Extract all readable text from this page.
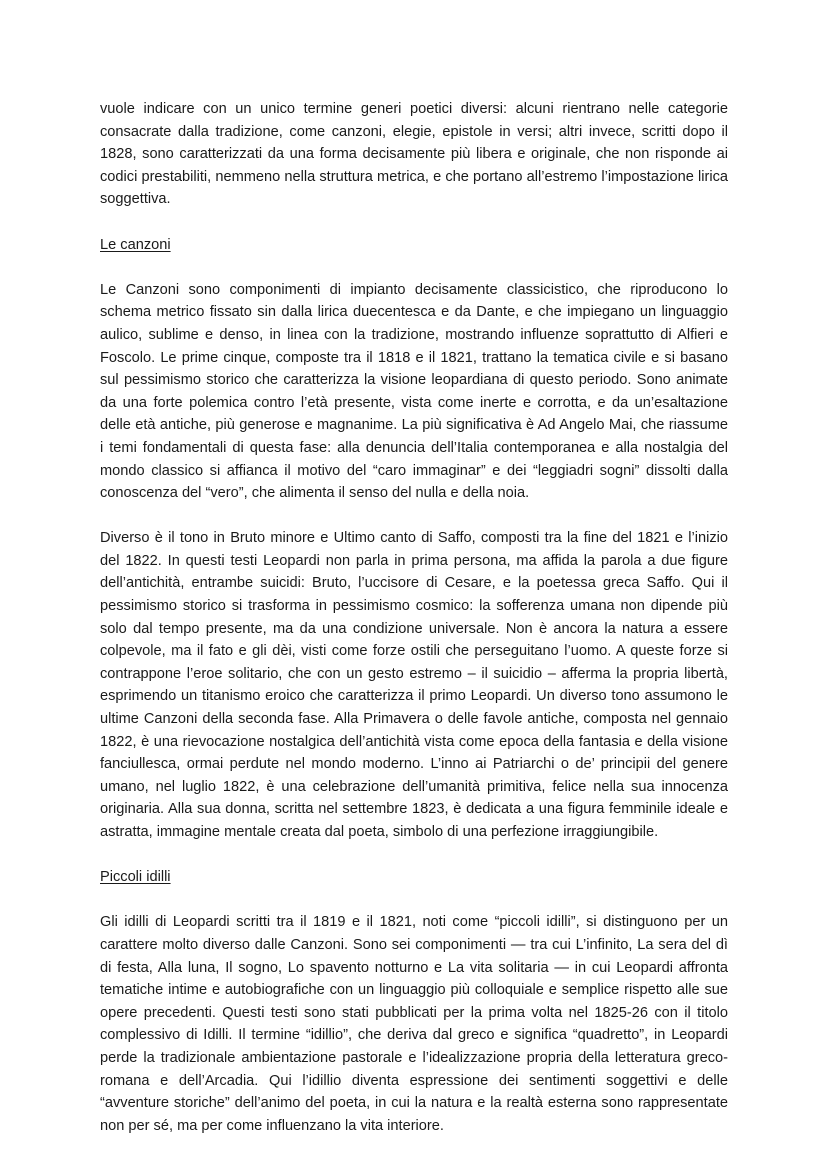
vuole indicare con un unico termine generi poetici diversi: alcuni rientrano nelle categorie consacrate dalla tradizione, come canzoni, elegie, epistole in versi; altri invece, scritti dopo il 1828, sono caratterizzati da una forma decisamente più libera e originale, che non risponde ai codici prestabiliti, nemmeno nella struttura metrica, e che portano all’estremo l’impostazione lirica soggettiva.

Le canzoni

Le Canzoni sono componimenti di impianto decisamente classicistico, che riproducono lo schema metrico fissato sin dalla lirica duecentesca e da Dante, e che impiegano un linguaggio aulico, sublime e denso, in linea con la tradizione, mostrando influenze soprattutto di Alfieri e Foscolo. Le prime cinque, composte tra il 1818 e il 1821, trattano la tematica civile e si basano sul pessimismo storico che caratterizza la visione leopardiana di questo periodo. Sono animate da una forte polemica contro l’età presente, vista come inerte e corrotta, e da un’esaltazione delle età antiche, più generose e magnanime. La più significativa è Ad Angelo Mai, che riassume i temi fondamentali di questa fase: alla denuncia dell’Italia contemporanea e alla nostalgia del mondo classico si affianca il motivo del “caro immaginar” e dei “leggiadri sogni” dissolti dalla conoscenza del “vero”, che alimenta il senso del nulla e della noia.

Diverso è il tono in Bruto minore e Ultimo canto di Saffo, composti tra la fine del 1821 e l’inizio del 1822. In questi testi Leopardi non parla in prima persona, ma affida la parola a due figure dell’antichità, entrambe suicidi: Bruto, l’uccisore di Cesare, e la poetessa greca Saffo. Qui il pessimismo storico si trasforma in pessimismo cosmico: la sofferenza umana non dipende più solo dal tempo presente, ma da una condizione universale. Non è ancora la natura a essere colpevole, ma il fato e gli dèi, visti come forze ostili che perseguitano l’uomo. A queste forze si contrappone l’eroe solitario, che con un gesto estremo – il suicidio – afferma la propria libertà, esprimendo un titanismo eroico che caratterizza il primo Leopardi. Un diverso tono assumono le ultime Canzoni della seconda fase. Alla Primavera o delle favole antiche, composta nel gennaio 1822, è una rievocazione nostalgica dell’antichità vista come epoca della fantasia e della visione fanciullesca, ormai perdute nel mondo moderno. L’inno ai Patriarchi o de’ principii del genere umano, nel luglio 1822, è una celebrazione dell’umanità primitiva, felice nella sua innocenza originaria. Alla sua donna, scritta nel settembre 1823, è dedicata a una figura femminile ideale e astratta, immagine mentale creata dal poeta, simbolo di una perfezione irraggiungibile.

Piccoli idilli

Gli idilli di Leopardi scritti tra il 1819 e il 1821, noti come “piccoli idilli”, si distinguono per un carattere molto diverso dalle Canzoni. Sono sei componimenti — tra cui L’infinito, La sera del dì di festa, Alla luna, Il sogno, Lo spavento notturno e La vita solitaria — in cui Leopardi affronta tematiche intime e autobiografiche con un linguaggio più colloquiale e semplice rispetto alle sue opere precedenti. Questi testi sono stati pubblicati per la prima volta nel 1825-26 con il titolo complessivo di Idilli. Il termine “idillio”, che deriva dal greco e significa “quadretto”, in Leopardi perde la tradizionale ambientazione pastorale e l’idealizzazione propria della letteratura greco-romana e dell’Arcadia. Qui l’idillio diventa espressione dei sentimenti soggettivi e delle “avventure storiche” dell’animo del poeta, in cui la natura e la realtà esterna sono rappresentate non per sé, ma per come influenzano la vita interiore.
